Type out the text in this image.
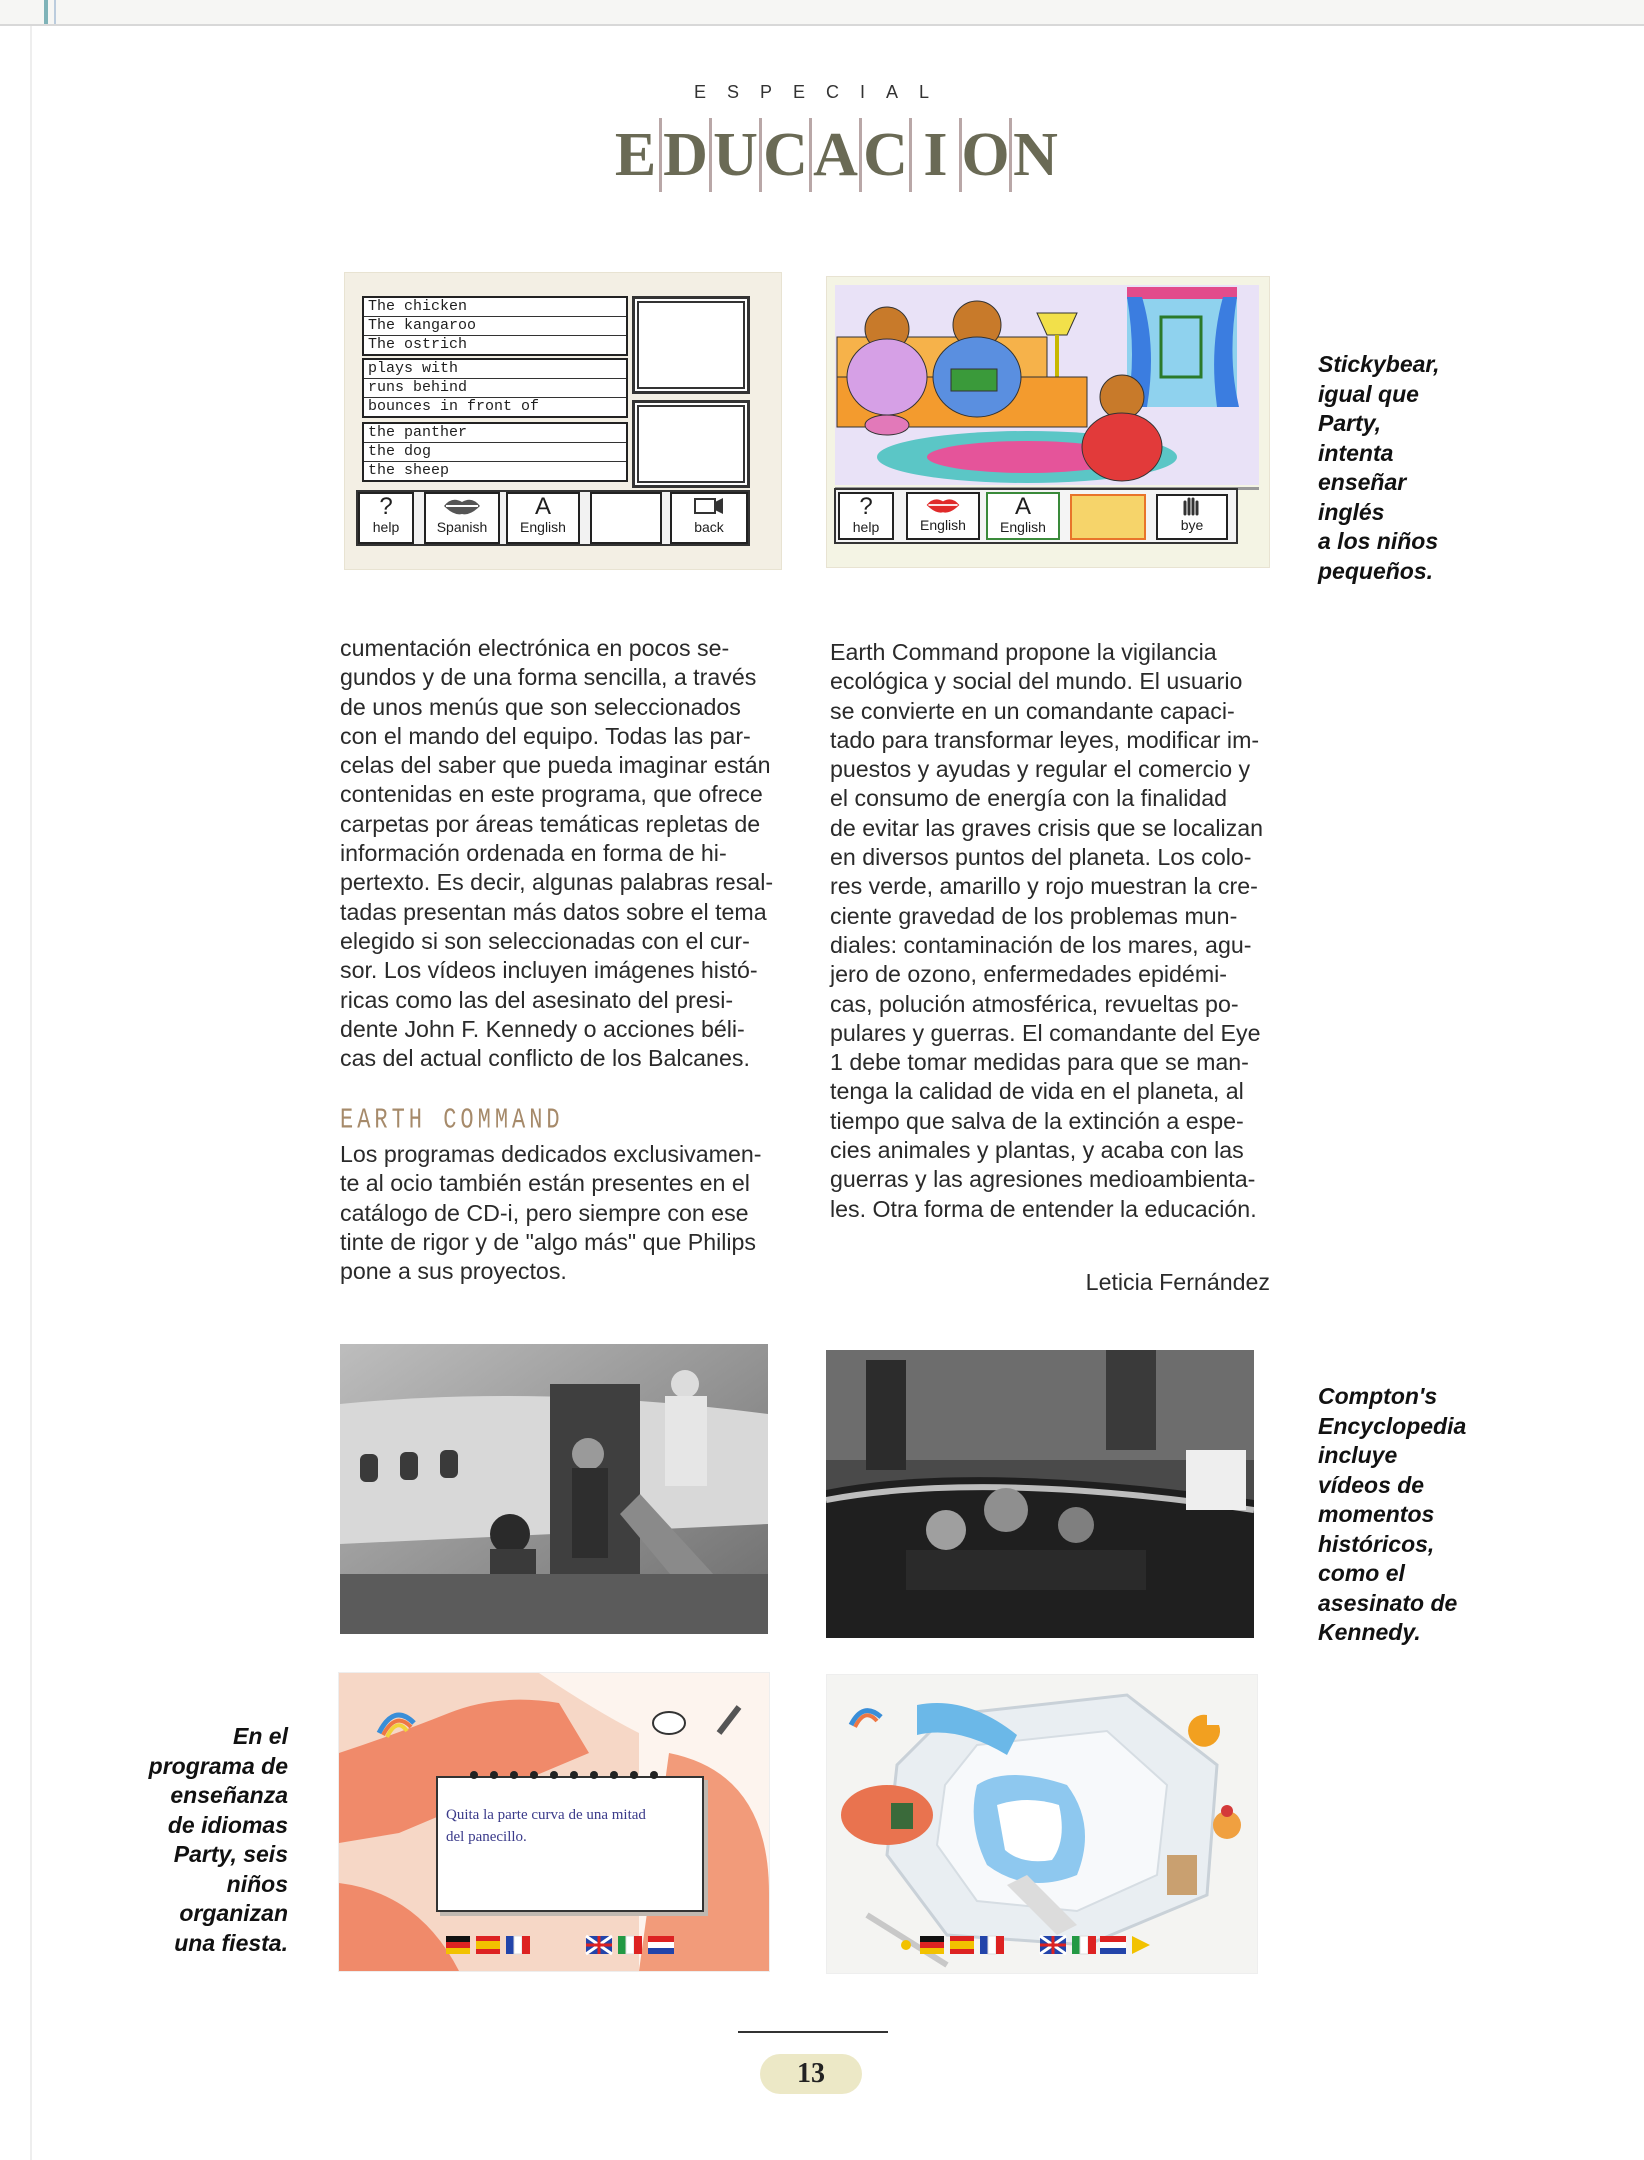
ESPECIAL
E D U C A C I O N
The chicken
The kangaroo
The ostrich
plays with
runs behind
bounces in front of
the panther
the dog
the sheep
?
help	Spanish
A
English	back
?
help	English
A
English	bye
Stickybear,
igual que
Party,
intenta
enseñar
inglés
a los niños
pequeños.

cumentación electrónica en pocos se-

gundos y de una forma sencilla, a través

de unos menús que son seleccionados

con el mando del equipo. Todas las par-

celas del saber que pueda imaginar están

contenidas en este programa, que ofrece

carpetas por áreas temáticas repletas de

información ordenada en forma de hi-

pertexto. Es decir, algunas palabras resal-

tadas presentan más datos sobre el tema

elegido si son seleccionadas con el cur-

sor. Los vídeos incluyen imágenes histó-

ricas como las del asesinato del presi-

dente John F. Kennedy o acciones béli-

cas del actual conflicto de los Balcanes.

EARTH COMMAND

Los programas dedicados exclusivamen-

te al ocio también están presentes en el

catálogo de CD-i, pero siempre con ese

tinte de rigor y de "algo más" que Philips

pone a sus proyectos.

Earth Command propone la vigilancia

ecológica y social del mundo. El usuario

se convierte en un comandante capaci-

tado para transformar leyes, modificar im-

puestos y ayudas y regular el comercio y

el consumo de energía con la finalidad

de evitar las graves crisis que se localizan

en diversos puntos del planeta. Los colo-

res verde, amarillo y rojo muestran la cre-

ciente gravedad de los problemas mun-

diales: contaminación de los mares, agu-

jero de ozono, enfermedades epidémi-

cas, polución atmosférica, revueltas po-

pulares y guerras. El comandante del Eye

1 debe tomar medidas para que se man-

tenga la calidad de vida en el planeta, al

tiempo que salva de la extinción a espe-

cies animales y plantas, y acaba con las

guerras y las agresiones medioambienta-

les. Otra forma de entender la educación.

Leticia Fernández
Compton's
Encyclopedia
incluye
vídeos de
momentos
históricos,
como el
asesinato de
Kennedy.
Quita la parte curva de una mitad
del panecillo.
En el
programa de
enseñanza
de idiomas
Party, seis
niños
organizan
una fiesta.
13
